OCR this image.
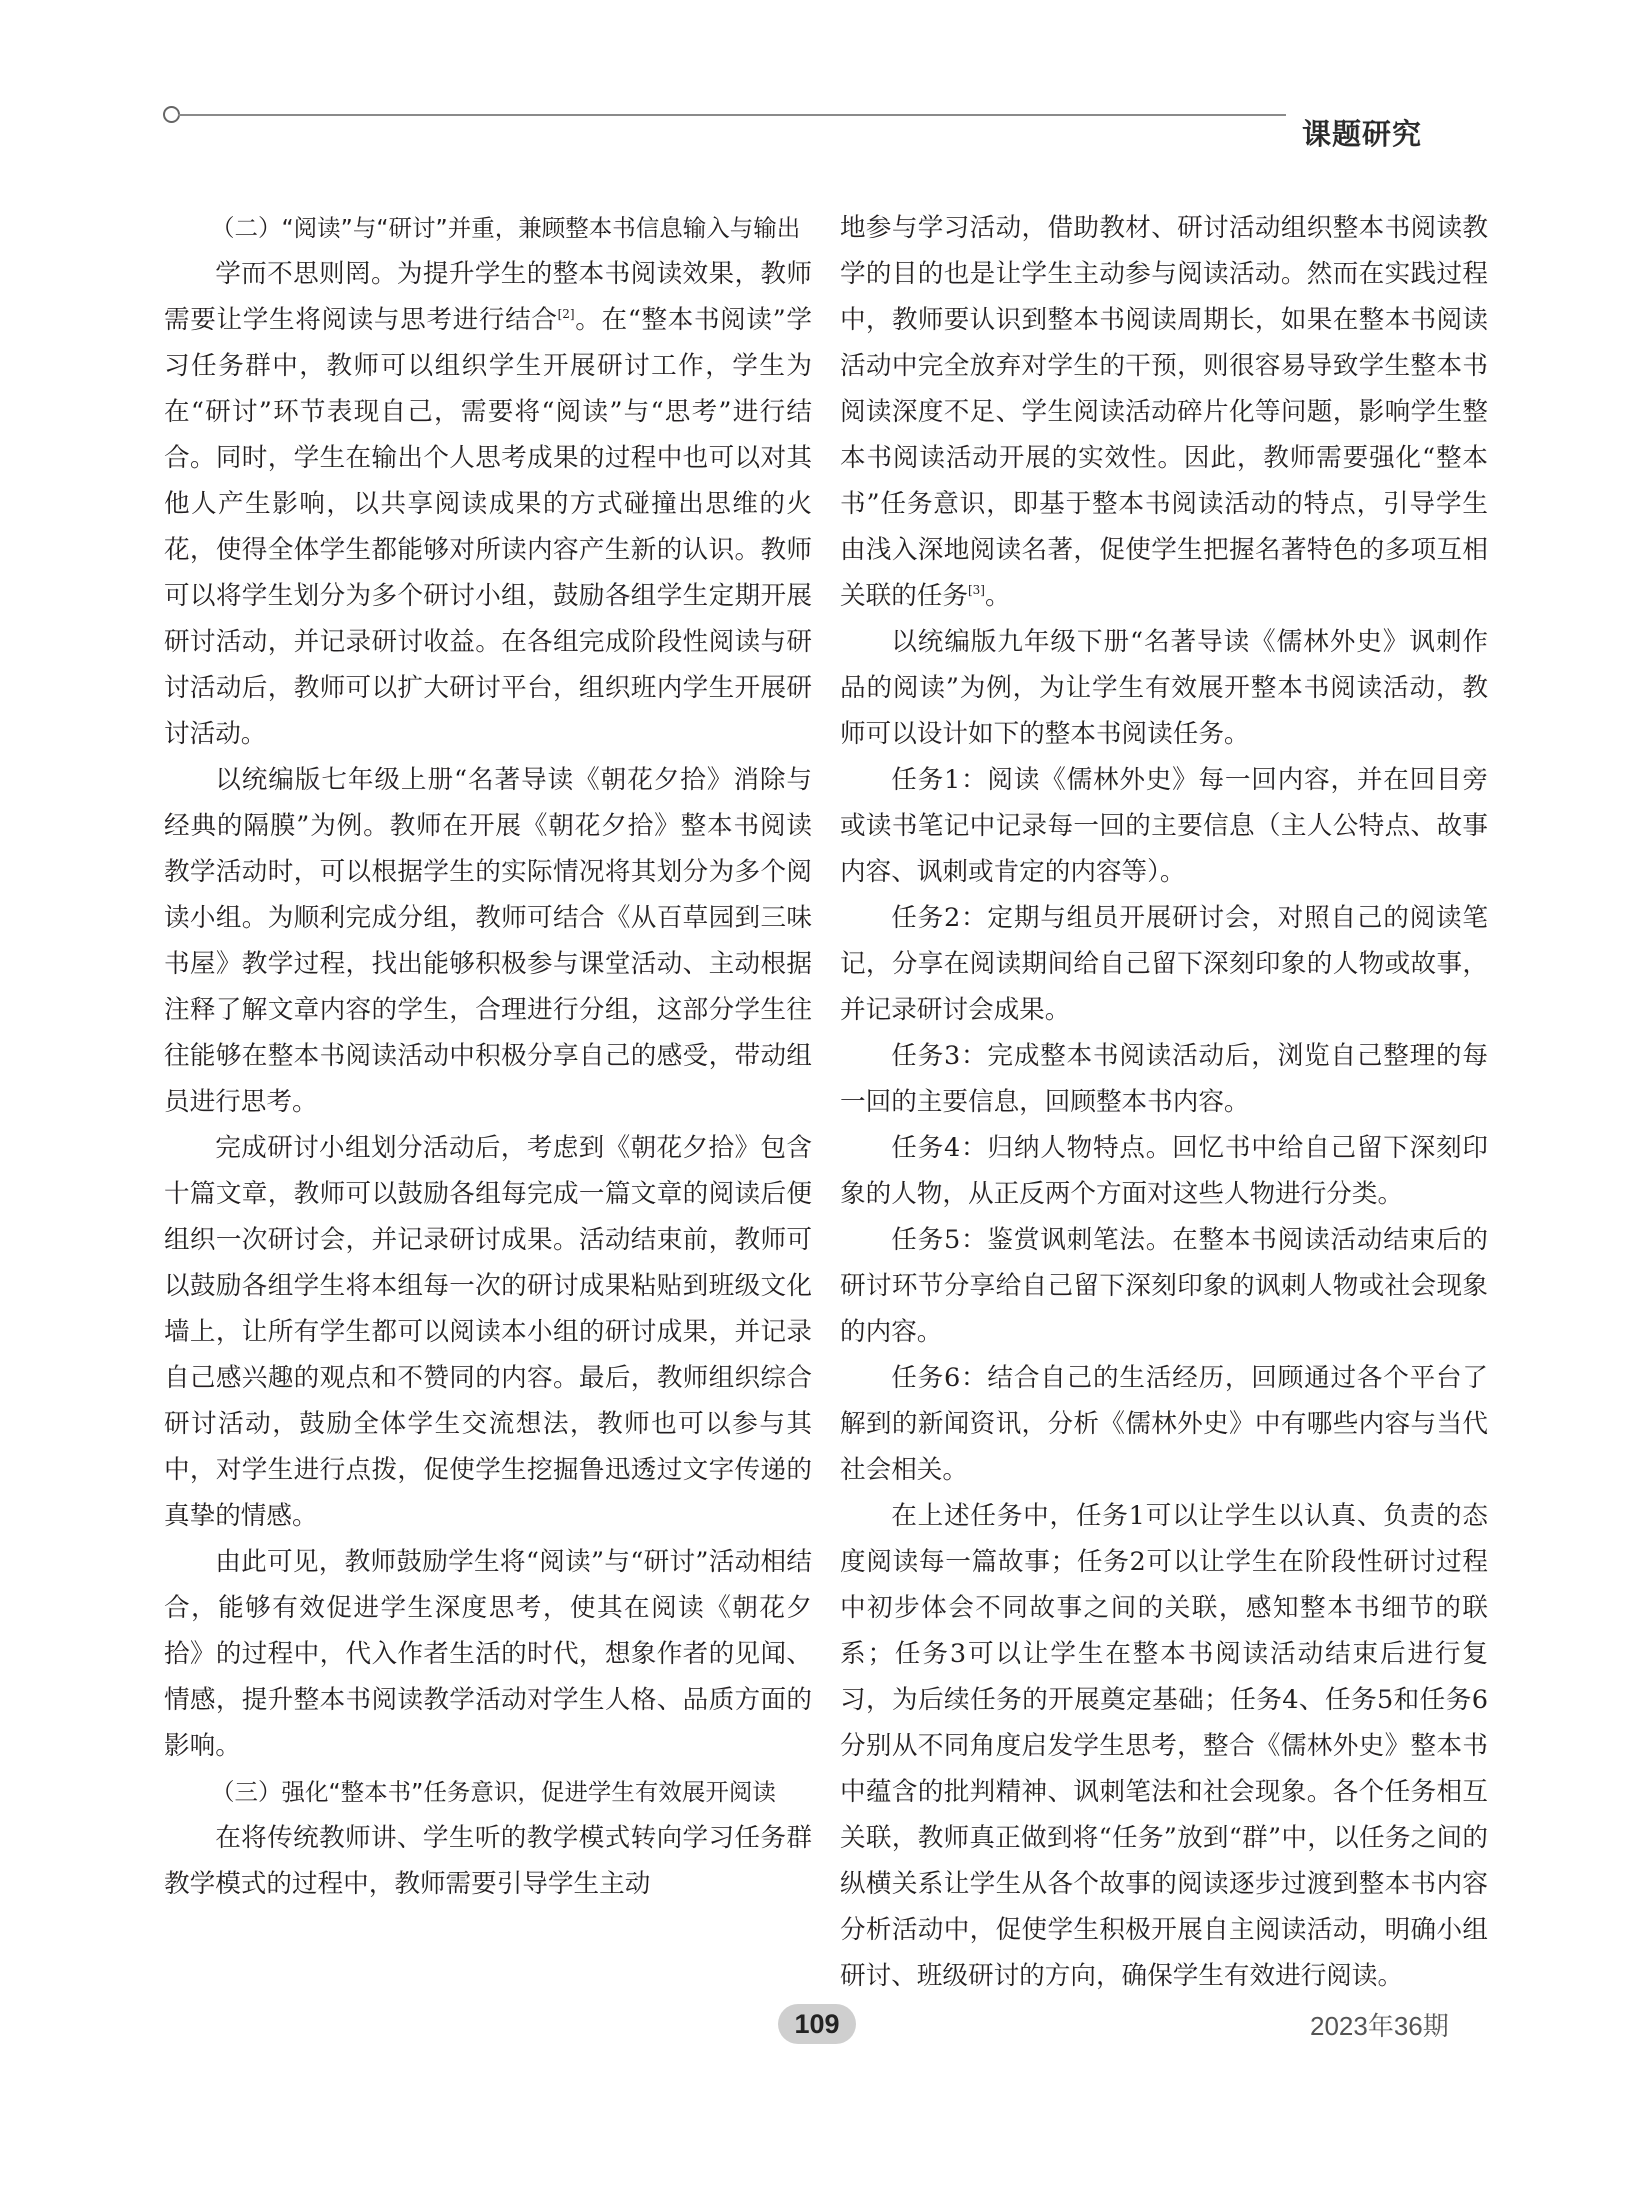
课题研究

（二）“阅读”与“研讨”并重，兼顾整本书信息输入与输出

学而不思则罔。为提升学生的整本书阅读效果，教师需要让学生将阅读与思考进行结合[2]。在“整本书阅读”学习任务群中，教师可以组织学生开展研讨工作，学生为在“研讨”环节表现自己，需要将“阅读”与“思考”进行结合。同时，学生在输出个人思考成果的过程中也可以对其他人产生影响，以共享阅读成果的方式碰撞出思维的火花，使得全体学生都能够对所读内容产生新的认识。教师可以将学生划分为多个研讨小组，鼓励各组学生定期开展研讨活动，并记录研讨收益。在各组完成阶段性阅读与研讨活动后，教师可以扩大研讨平台，组织班内学生开展研讨活动。

以统编版七年级上册“名著导读《朝花夕拾》消除与经典的隔膜”为例。教师在开展《朝花夕拾》整本书阅读教学活动时，可以根据学生的实际情况将其划分为多个阅读小组。为顺利完成分组，教师可结合《从百草园到三味书屋》教学过程，找出能够积极参与课堂活动、主动根据注释了解文章内容的学生，合理进行分组，这部分学生往往能够在整本书阅读活动中积极分享自己的感受，带动组员进行思考。

完成研讨小组划分活动后，考虑到《朝花夕拾》包含十篇文章，教师可以鼓励各组每完成一篇文章的阅读后便组织一次研讨会，并记录研讨成果。活动结束前，教师可以鼓励各组学生将本组每一次的研讨成果粘贴到班级文化墙上，让所有学生都可以阅读本小组的研讨成果，并记录自己感兴趣的观点和不赞同的内容。最后，教师组织综合研讨活动，鼓励全体学生交流想法，教师也可以参与其中，对学生进行点拨，促使学生挖掘鲁迅透过文字传递的真挚的情感。

由此可见，教师鼓励学生将“阅读”与“研讨”活动相结合，能够有效促进学生深度思考，使其在阅读《朝花夕拾》的过程中，代入作者生活的时代，想象作者的见闻、情感，提升整本书阅读教学活动对学生人格、品质方面的影响。

（三）强化“整本书”任务意识，促进学生有效展开阅读

在将传统教师讲、学生听的教学模式转向学习任务群教学模式的过程中，教师需要引导学生主动

地参与学习活动，借助教材、研讨活动组织整本书阅读教学的目的也是让学生主动参与阅读活动。然而在实践过程中，教师要认识到整本书阅读周期长，如果在整本书阅读活动中完全放弃对学生的干预，则很容易导致学生整本书阅读深度不足、学生阅读活动碎片化等问题，影响学生整本书阅读活动开展的实效性。因此，教师需要强化“整本书”任务意识，即基于整本书阅读活动的特点，引导学生由浅入深地阅读名著，促使学生把握名著特色的多项互相关联的任务[3]。

以统编版九年级下册“名著导读《儒林外史》讽刺作品的阅读”为例，为让学生有效展开整本书阅读活动，教师可以设计如下的整本书阅读任务。

任务1：阅读《儒林外史》每一回内容，并在回目旁或读书笔记中记录每一回的主要信息（主人公特点、故事内容、讽刺或肯定的内容等）。

任务2：定期与组员开展研讨会，对照自己的阅读笔记，分享在阅读期间给自己留下深刻印象的人物或故事，并记录研讨会成果。

任务3：完成整本书阅读活动后，浏览自己整理的每一回的主要信息，回顾整本书内容。

任务4：归纳人物特点。回忆书中给自己留下深刻印象的人物，从正反两个方面对这些人物进行分类。

任务5：鉴赏讽刺笔法。在整本书阅读活动结束后的研讨环节分享给自己留下深刻印象的讽刺人物或社会现象的内容。

任务6：结合自己的生活经历，回顾通过各个平台了解到的新闻资讯，分析《儒林外史》中有哪些内容与当代社会相关。

在上述任务中，任务1可以让学生以认真、负责的态度阅读每一篇故事；任务2可以让学生在阶段性研讨过程中初步体会不同故事之间的关联，感知整本书细节的联系；任务3可以让学生在整本书阅读活动结束后进行复习，为后续任务的开展奠定基础；任务4、任务5和任务6分别从不同角度启发学生思考，整合《儒林外史》整本书中蕴含的批判精神、讽刺笔法和社会现象。各个任务相互关联，教师真正做到将“任务”放到“群”中，以任务之间的纵横关系让学生从各个故事的阅读逐步过渡到整本书内容分析活动中，促使学生积极开展自主阅读活动，明确小组研讨、班级研讨的方向，确保学生有效进行阅读。

109	2023年36期
